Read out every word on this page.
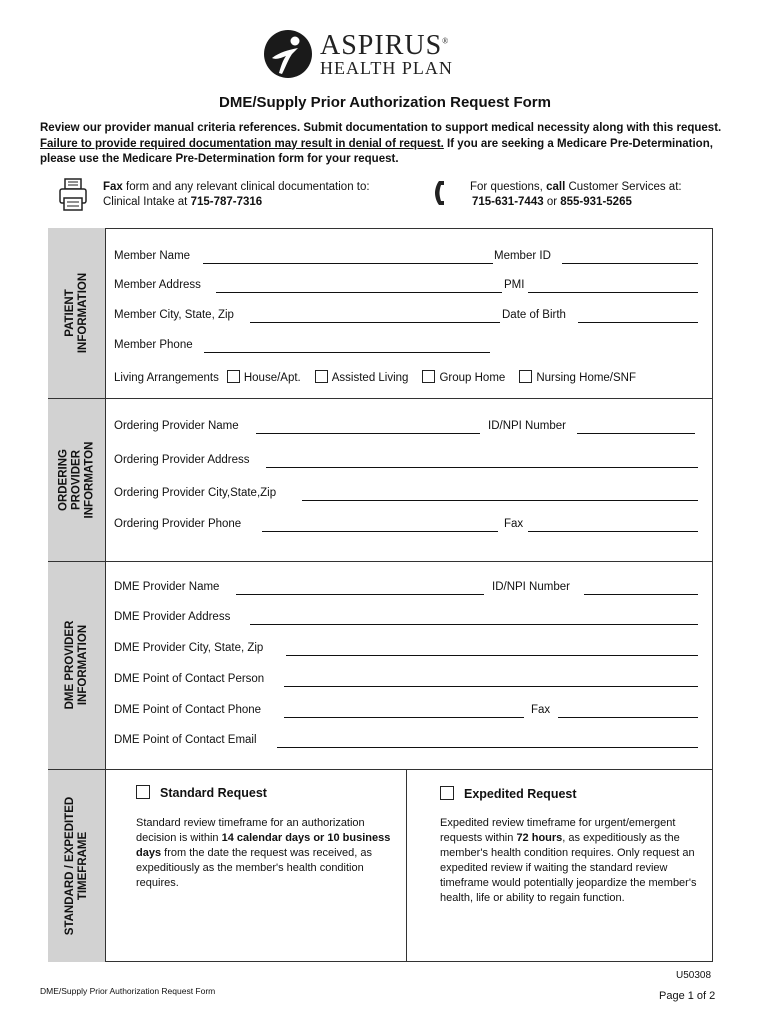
ASPIRUS®
HEALTH PLAN
DME/Supply Prior Authorization Request Form
Review our provider manual criteria references. Submit documentation to support medical necessity along with this request. Failure to provide required documentation may result in denial of request. If you are seeking a Medicare Pre-Determination, please use the Medicare Pre-Determination form for your request.
Fax form and any relevant clinical documentation to:
Clinical Intake at 715-787-7316
For questions, call Customer Services at:
715-631-7443 or 855-931-5265
PATIENT INFORMATION
ORDERING PROVIDER INFORMATON
DME PROVIDER INFORMATION
STANDARD / EXPEDITED TIMEFRAME
Member Name	Member ID
Member Address	PMI
Member City, State, Zip	Date of Birth
Member Phone
Living Arrangements House/Apt.	Assisted Living	Group Home	Nursing Home/SNF
Ordering Provider Name	ID/NPI Number
Ordering Provider Address
Ordering Provider City,State,Zip
Ordering Provider Phone	Fax
DME Provider Name	ID/NPI Number
DME Provider Address
DME Provider City, State, Zip
DME Point of Contact Person
DME Point of Contact Phone	Fax
DME Point of Contact Email
Standard Request
Standard review timeframe for an authorization decision is within 14 calendar days or 10 business days from the date the request was received, as expeditiously as the member's health condition requires.
Expedited Request
Expedited review timeframe for urgent/emergent requests within 72 hours, as expeditiously as the member's health condition requires. Only request an expedited review if waiting the standard review timeframe would potentially jeopardize the member's health, life or ability to regain function.
DME/Supply Prior Authorization Request Form
U50308
Page 1 of 2
